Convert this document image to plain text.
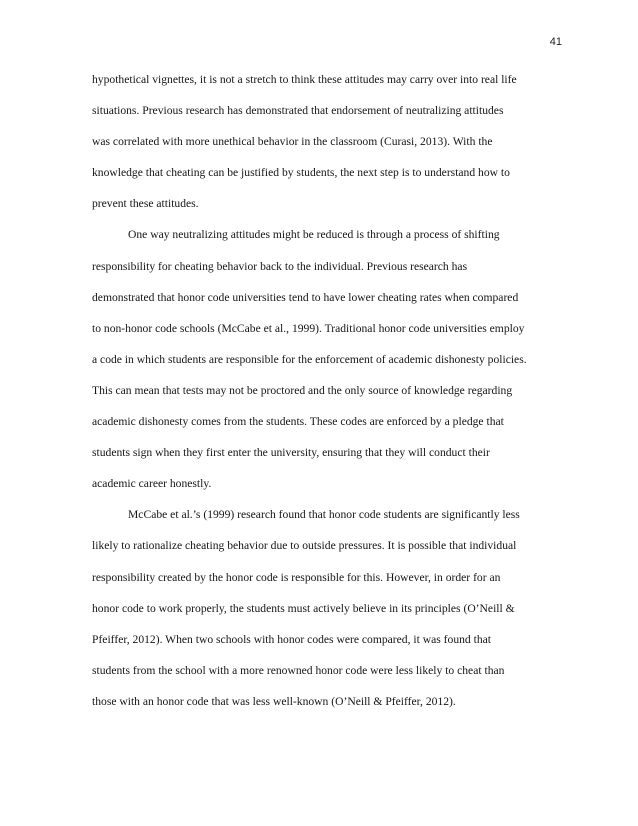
41
hypothetical vignettes, it is not a stretch to think these attitudes may carry over into real life
situations. Previous research has demonstrated that endorsement of neutralizing attitudes
was correlated with more unethical behavior in the classroom (Curasi, 2013). With the
knowledge that cheating can be justified by students, the next step is to understand how to
prevent these attitudes.
One way neutralizing attitudes might be reduced is through a process of shifting
responsibility for cheating behavior back to the individual. Previous research has
demonstrated that honor code universities tend to have lower cheating rates when compared
to non-honor code schools (McCabe et al., 1999). Traditional honor code universities employ
a code in which students are responsible for the enforcement of academic dishonesty policies.
This can mean that tests may not be proctored and the only source of knowledge regarding
academic dishonesty comes from the students. These codes are enforced by a pledge that
students sign when they first enter the university, ensuring that they will conduct their
academic career honestly.
McCabe et al.’s (1999) research found that honor code students are significantly less
likely to rationalize cheating behavior due to outside pressures. It is possible that individual
responsibility created by the honor code is responsible for this. However, in order for an
honor code to work properly, the students must actively believe in its principles (O’Neill &
Pfeiffer, 2012). When two schools with honor codes were compared, it was found that
students from the school with a more renowned honor code were less likely to cheat than
those with an honor code that was less well-known (O’Neill & Pfeiffer, 2012).
